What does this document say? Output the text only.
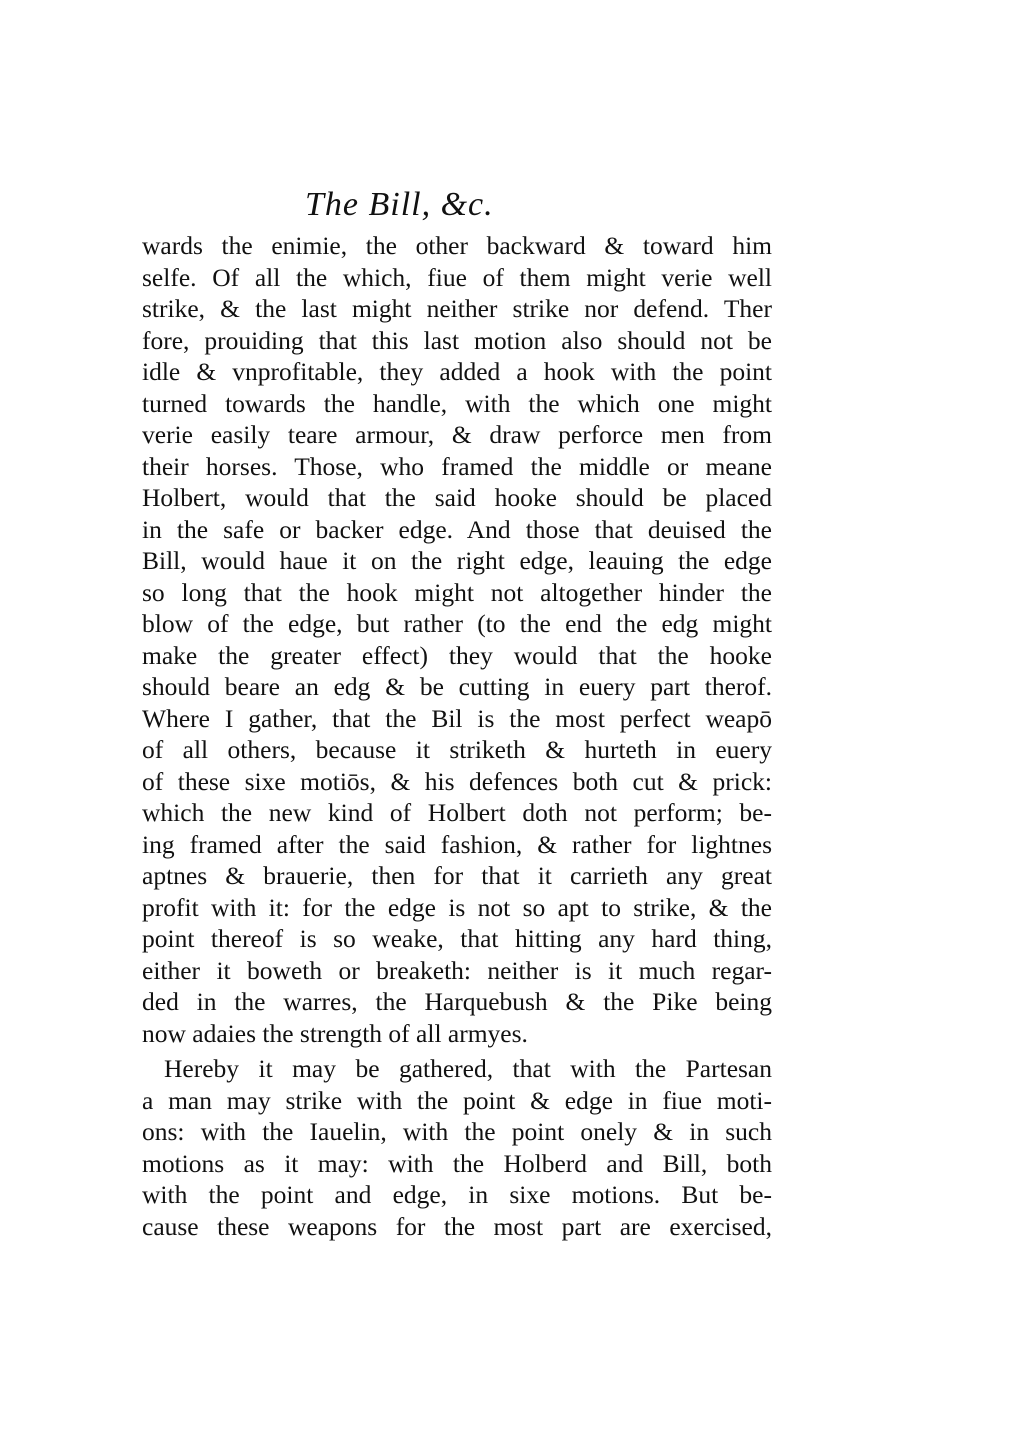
The Bill, &c.
wards the enimie, the other backward & toward him
selfe. Of all the which, fiue of them might verie well
strike, & the last might neither strike nor defend. Ther
fore, prouiding that this last motion also should not be
idle & vnprofitable, they added a hook with the point
turned towards the handle, with the which one might
verie easily teare armour, & draw perforce men from
their horses. Those, who framed the middle or meane
Holbert, would that the said hooke should be placed
in the safe or backer edge. And those that deuised the
Bill, would haue it on the right edge, leauing the edge
so long that the hook might not altogether hinder the
blow of the edge, but rather (to the end the edg might
make the greater effect) they would that the hooke
should beare an edg & be cutting in euery part therof.
Where I gather, that the Bil is the most perfect weapō
of all others, because it striketh & hurteth in euery
of these sixe motiōs, & his defences both cut & prick:
which the new kind of Holbert doth not perform; be-
ing framed after the said fashion, & rather for lightnes
aptnes & brauerie, then for that it carrieth any great
profit with it: for the edge is not so apt to strike, & the
point thereof is so weake, that hitting any hard thing,
either it boweth or breaketh: neither is it much regar-
ded in the warres, the Harquebush & the Pike being
now adaies the strength of all armyes.
Hereby it may be gathered, that with the Partesan
a man may strike with the point & edge in fiue moti-
ons: with the Iauelin, with the point onely & in such
motions as it may: with the Holberd and Bill, both
with the point and edge, in sixe motions. But be-
cause these weapons for the most part are exercised,
